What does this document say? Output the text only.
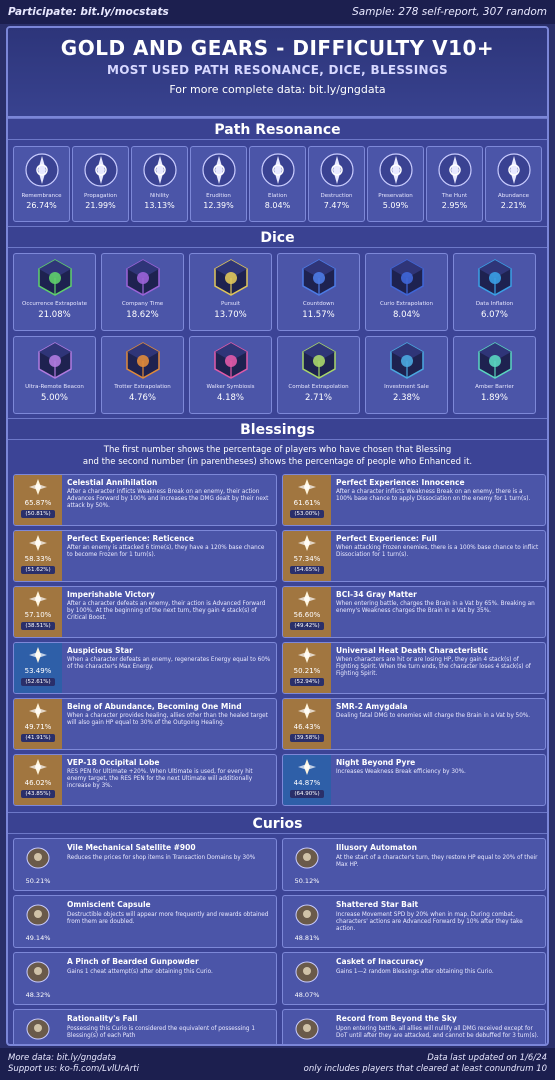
Participate: bit.ly/mocstats	Sample: 278 self-report, 307 random
GOLD AND GEARS - DIFFICULTY V10+
MOST USED PATH RESONANCE, DICE, BLESSINGS
For more complete data: bit.ly/gngdata
Path Resonance
Remembrance
26.74%
Propagation
21.99%
Nihility
13.13%
Erudition
12.39%
Elation
8.04%
Destruction
7.47%
Preservation
5.09%
The Hunt
2.95%
Abundance
2.21%
Dice
Occurrence Extrapolate
21.08%
Company Time
18.62%
Pursuit
13.70%
Countdown
11.57%
Curio Extrapolation
8.04%
Data Inflation
6.07%
Ultra-Remote Beacon
5.00%
Trotter Extrapolation
4.76%
Walker Symbiosis
4.18%
Combat Extrapolation
2.71%
Investment Sale
2.38%
Amber Barrier
1.89%
Blessings
The first number shows the percentage of players who have chosen that Blessing
and the second number (in parentheses) shows the percentage of people who Enhanced it.
65.87%
(50.81%)
Celestial Annihilation
After a character inflicts Weakness Break on an enemy, their action Advances Forward by 100% and increases the DMG dealt by their next attack by 50%.	61.61%
(53.00%)
Perfect Experience: Innocence
After a character inflicts Weakness Break on an enemy, there is a 100% base chance to apply Dissociation on the enemy for 1 turn(s).
58.33%
(51.62%)
Perfect Experience: Reticence
After an enemy is attacked 6 time(s), they have a 120% base chance to become Frozen for 1 turn(s).	57.34%
(54.65%)
Perfect Experience: Full
When attacking Frozen enemies, there is a 100% base chance to inflict Dissociation for 1 turn(s).
57.10%
(38.51%)
Imperishable Victory
After a character defeats an enemy, their action is Advanced Forward by 100%. At the beginning of the next turn, they gain 4 stack(s) of Critical Boost.	56.60%
(49.42%)
BCI-34 Gray Matter
When entering battle, charges the Brain in a Vat by 65%. Breaking an enemy's Weakness charges the Brain in a Vat by 35%.
53.49%
(52.61%)
Auspicious Star
When a character defeats an enemy, regenerates Energy equal to 60% of the character's Max Energy.	50.21%
(52.94%)
Universal Heat Death Characteristic
When characters are hit or are losing HP, they gain 4 stack(s) of Fighting Spirit. When the turn ends, the character loses 4 stack(s) of Fighting Spirit.
49.71%
(41.91%)
Being of Abundance, Becoming One Mind
When a character provides healing, allies other than the healed target will also gain HP equal to 30% of the Outgoing Healing.	46.43%
(39.58%)
SMR-2 Amygdala
Dealing fatal DMG to enemies will charge the Brain in a Vat by 50%.
46.02%
(43.85%)
VEP-18 Occipital Lobe
RES PEN for Ultimate +20%. When Ultimate is used, for every hit enemy target, the RES PEN for the next Ultimate will additionally increase by 3%.	44.87%
(64.90%)
Night Beyond Pyre
Increases Weakness Break efficiency by 30%.
Curios
50.21%
Vile Mechanical Satellite #900
Reduces the prices for shop items in Transaction Domains by 30%
50.12%
Illusory Automaton
At the start of a character's turn, they restore HP equal to 20% of their Max HP.
49.14%
Omniscient Capsule
Destructible objects will appear more frequently and rewards obtained from them are doubled.
48.81%
Shattered Star Bait
Increase Movement SPD by 20% when in map. During combat, characters' actions are Advanced Forward by 10% after they take action.
48.32%
A Pinch of Bearded Gunpowder
Gains 1 cheat attempt(s) after obtaining this Curio.
48.07%
Casket of Inaccuracy
Gains 1—2 random Blessings after obtaining this Curio.
Rationality's Fall
Possessing this Curio is considered the equivalent of possessing 1 Blessing(s) of each Path
Record from Beyond the Sky
Upon entering battle, all allies will nullify all DMG received except for DoT until after they are attacked, and cannot be debuffed for 3 turn(s).
More data: bit.ly/gngdata
Support us: ko-fi.com/LvlUrArti
Data last updated on 1/6/24
only includes players that cleared at least conundrum 10
